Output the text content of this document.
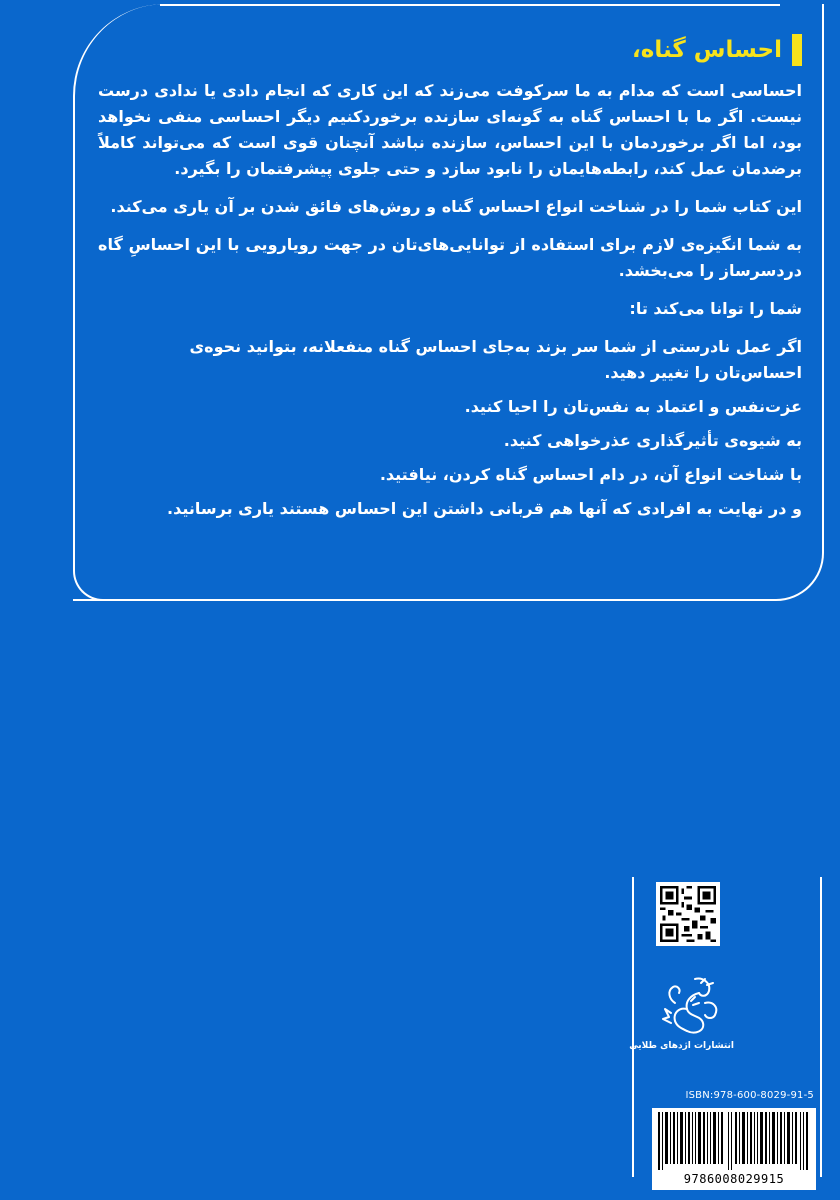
احساس گناه،

احساسی است که مدام به ما سرکوفت می‌زند که این کاری که انجام دادی یا ندادی درست نیست. اگر ما با احساس گناه به گونه‌ای سازنده برخوردکنیم دیگر احساسی منفی نخواهد بود، اما اگر برخوردمان با این احساس، سازنده نباشد آنچنان قوی است که می‌تواند کاملاً برضدمان عمل کند، رابطه‌هایمان را نابود سازد و حتی جلوی پیشرفتمان را بگیرد.

این کتاب شما را در شناخت انواع احساس گناه و روش‌های فائق شدن بر آن یاری می‌کند.

به شما انگیزه‌ی لازم برای استفاده از توانایی‌های‌تان در جهت رویارویی با این احساسِ گاه دردسرساز را می‌بخشد.

شما را توانا می‌کند تا:

اگر عمل نادرستی از شما سر بزند به‌جای احساس گناه منفعلانه، بتوانید نحوه‌ی احساس‌تان را تغییر دهید.
عزت‌نفس و اعتماد به نفس‌تان را احیا کنید.
به شیوه‌ی تأثیرگذاری عذرخواهی کنید.
با شناخت انواع آن، در دام احساس گناه کردن، نیافتید.
و در نهایت به افرادی که آنها هم قربانی داشتن این احساس هستند یاری برسانید.
انتشارات اژدهای طلایی
ISBN:978-600-8029-91-5
9786008029915
